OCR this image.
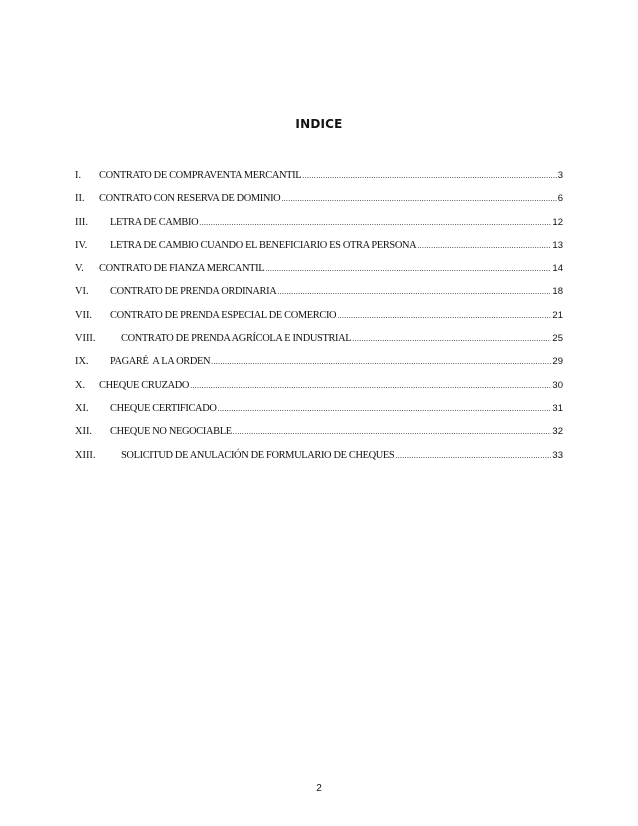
INDICE
I.	CONTRATO DE COMPRAVENTA MERCANTIL .....	3
II.	CONTRATO CON RESERVA DE DOMINIO .....	6
III.	LETRA DE CAMBIO .....	12
IV.	LETRA DE CAMBIO CUANDO EL BENEFICIARIO ES OTRA PERSONA .....	13
V.	CONTRATO DE FIANZA MERCANTIL .....	14
VI.	CONTRATO DE PRENDA ORDINARIA .....	18
VII.	CONTRATO DE PRENDA ESPECIAL DE COMERCIO .....	21
VIII.	CONTRATO DE PRENDA AGRÍCOLA E INDUSTRIAL .....	25
IX.	PAGARÉ  A LA ORDEN .....	29
X.	CHEQUE CRUZADO .....	30
XI.	CHEQUE CERTIFICADO .....	31
XII.	CHEQUE NO NEGOCIABLE .....	32
XIII.	SOLICITUD DE ANULACIÓN DE FORMULARIO DE CHEQUES .....	33
2
